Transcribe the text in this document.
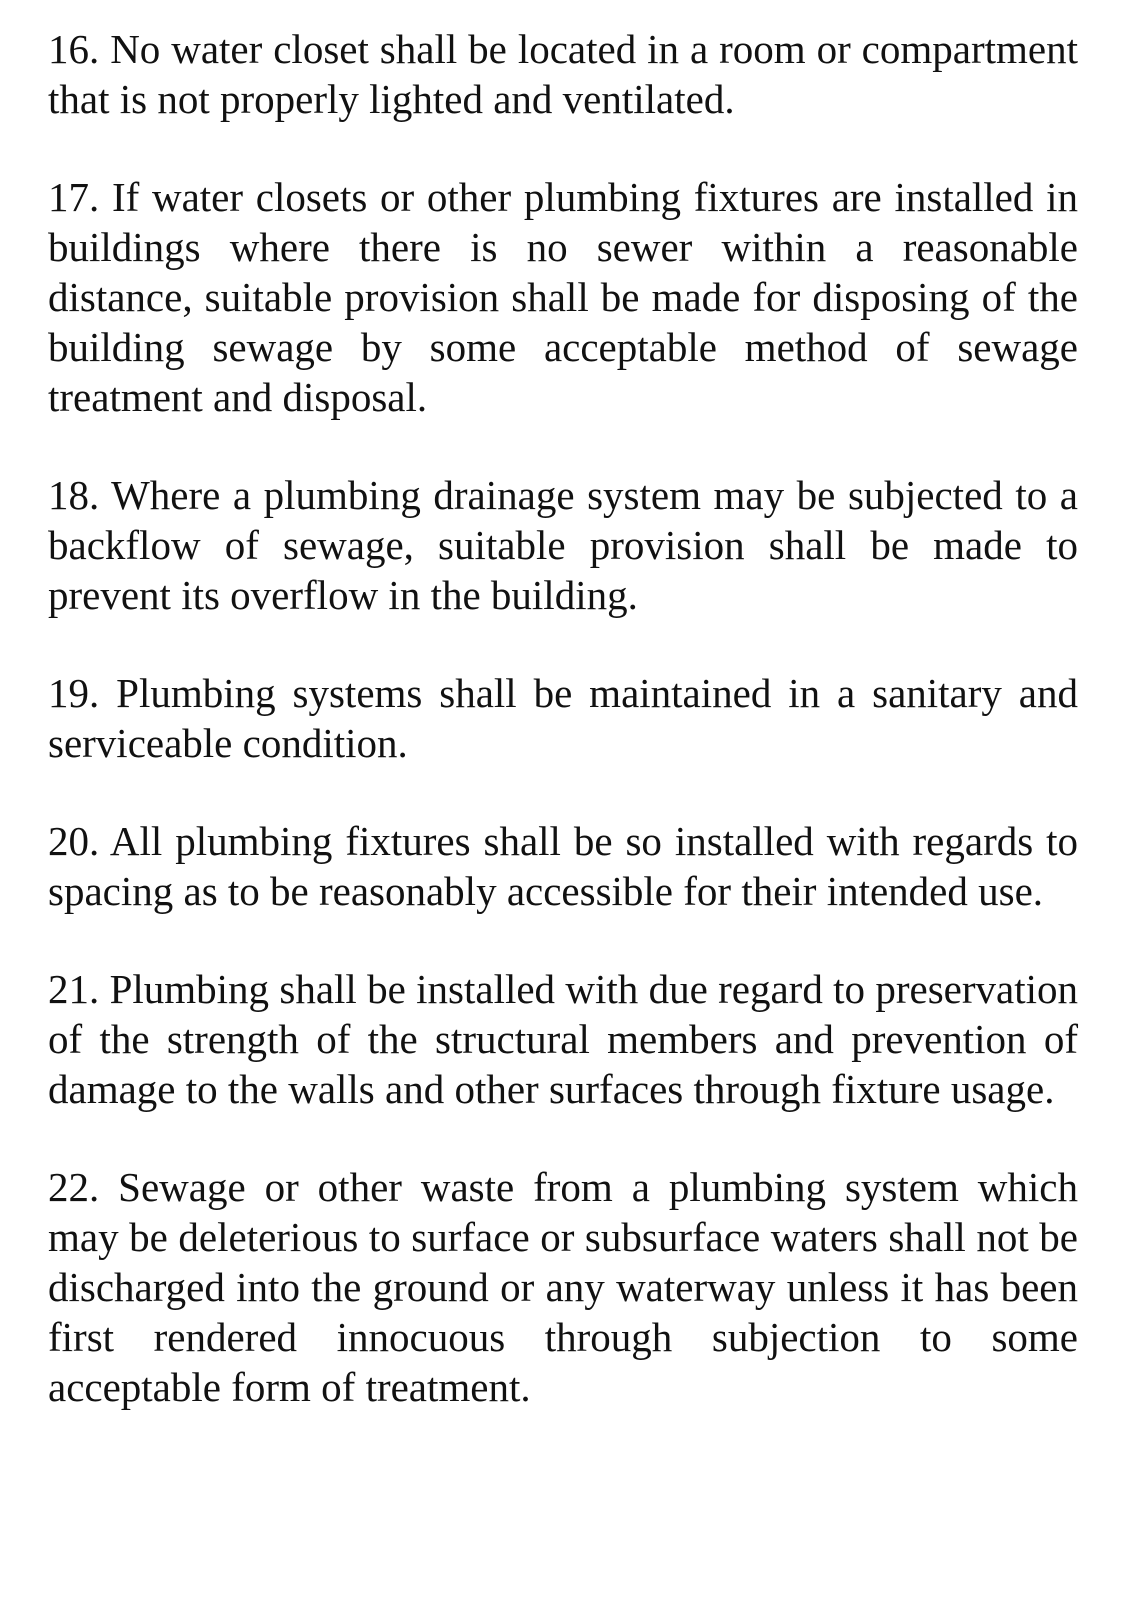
16. No water closet shall be located in a room or compartment that is not properly lighted and ventilated.

17. If water closets or other plumbing fixtures are installed in buildings where there is no sewer within a reasonable distance, suitable provision shall be made for disposing of the building sewage by some acceptable method of sewage treatment and disposal.

18. Where a plumbing drainage system may be subjected to a backflow of sewage, suitable provision shall be made to prevent its overflow in the building.

19. Plumbing systems shall be maintained in a sanitary and serviceable condition.

20. All plumbing fixtures shall be so installed with regards to spacing as to be reasonably accessible for their intended use.

21. Plumbing shall be installed with due regard to preservation of the strength of the structural members and prevention of damage to the walls and other surfaces through fixture usage.

22. Sewage or other waste from a plumbing system which may be deleterious to surface or subsurface waters shall not be discharged into the ground or any waterway unless it has been first rendered innocuous through subjection to some acceptable form of treatment.
